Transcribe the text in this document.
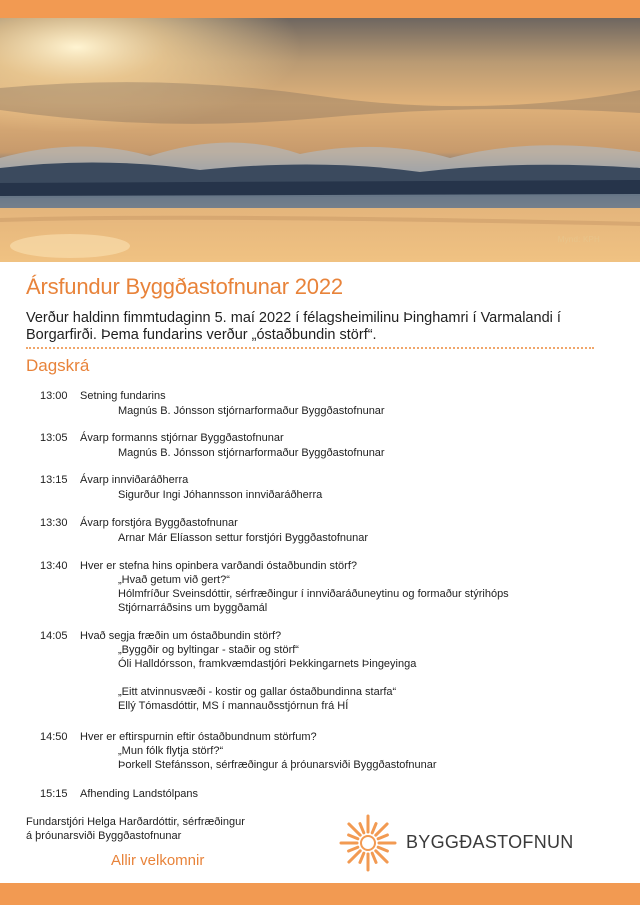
Mynd: KPH
Ársfundur Byggðastofnunar 2022
Verður haldinn fimmtudaginn 5. maí 2022 í félagsheimilinu Þinghamri í Varmalandi í Borgarfirði. Þema fundarins verður „óstaðbundin störf“.
Dagskrá
13:00 Setning fundarins
Magnús B. Jónsson stjórnarformaður Byggðastofnunar
13:05 Ávarp formanns stjórnar Byggðastofnunar
Magnús B. Jónsson stjórnarformaður Byggðastofnunar
13:15 Ávarp innviðaráðherra
Sigurður Ingi Jóhannsson innviðaráðherra
13:30 Ávarp forstjóra Byggðastofnunar
Arnar Már Elíasson settur forstjóri Byggðastofnunar
13:40 Hver er stefna hins opinbera varðandi óstaðbundin störf?
„Hvað getum við gert?“
Hólmfríður Sveinsdóttir, sérfræðingur í innviðaráðuneytinu og formaður stýrihóps
Stjórnarráðsins um byggðamál
14:05 Hvað segja fræðin um óstaðbundin störf?
„Byggðir og byltingar - staðir og störf“
Óli Halldórsson, framkvæmdastjóri Þekkingarnets Þingeyinga
„Eitt atvinnusvæði - kostir og gallar óstaðbundinna starfa“
Ellý Tómasdóttir, MS í mannauðsstjórnun frá HÍ
14:50 Hver er eftirspurnin eftir óstaðbundnum störfum?
„Mun fólk flytja störf?“
Þorkell Stefánsson, sérfræðingur á þróunarsviði Byggðastofnunar
15:15 Afhending Landstólpans
Fundarstjóri Helga Harðardóttir, sérfræðingur
á þróunarsviði Byggðastofnunar
Allir velkomnir
BYGGÐASTOFNUN
